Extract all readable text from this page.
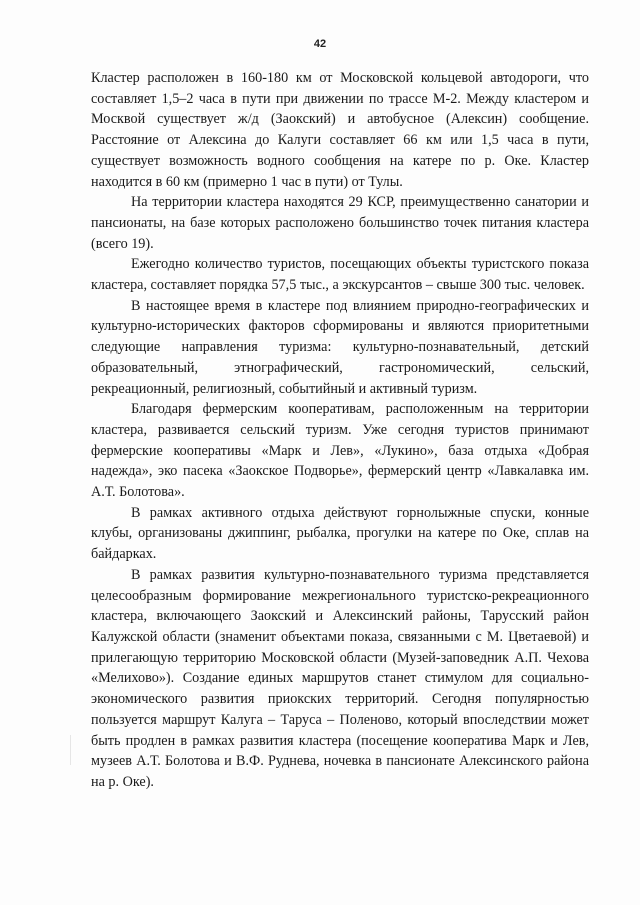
42

Кластер расположен в 160-180 км от Московской кольцевой автодороги, что составляет 1,5–2 часа в пути при движении по трассе М-2. Между кластером и Москвой существует ж/д (Заокский) и автобусное (Алексин) сообщение. Расстояние от Алексина до Калуги составляет 66 км или 1,5 часа в пути, существует возможность водного сообщения на катере по р. Оке. Кластер находится в 60 км (примерно 1 час в пути) от Тулы.

На территории кластера находятся 29 КСР, преимущественно санатории и пансионаты, на базе которых расположено большинство точек питания кластера (всего 19).

Ежегодно количество туристов, посещающих объекты туристского показа кластера, составляет порядка 57,5 тыс., а экскурсантов – свыше 300 тыс. человек.

В настоящее время в кластере под влиянием природно-географических и культурно-исторических факторов сформированы и являются приоритетными следующие направления туризма: культурно-познавательный, детский образовательный, этнографический, гастрономический, сельский, рекреационный, религиозный, событийный и активный туризм.

Благодаря фермерским кооперативам, расположенным на территории кластера, развивается сельский туризм. Уже сегодня туристов принимают фермерские кооперативы «Марк и Лев», «Лукино», база отдыха «Добрая надежда», эко пасека «Заокское Подворье», фермерский центр «Лавкалавка им. А.Т. Болотова».

В рамках активного отдыха действуют горнолыжные спуски, конные клубы, организованы джиппинг, рыбалка, прогулки на катере по Оке, сплав на байдарках.

В рамках развития культурно-познавательного туризма представляется целесообразным формирование межрегионального туристско-рекреационного кластера, включающего Заокский и Алексинский районы, Тарусский район Калужской области (знаменит объектами показа, связанными с М. Цветаевой) и прилегающую территорию Московской области (Музей-заповедник А.П. Чехова «Мелихово»). Создание единых маршрутов станет стимулом для социально-экономического развития приокских территорий. Сегодня популярностью пользуется маршрут Калуга – Таруса – Поленово, который впоследствии может быть продлен в рамках развития кластера (посещение кооператива Марк и Лев, музеев А.Т. Болотова и В.Ф. Руднева, ночевка в пансионате Алексинского района на р. Оке).
